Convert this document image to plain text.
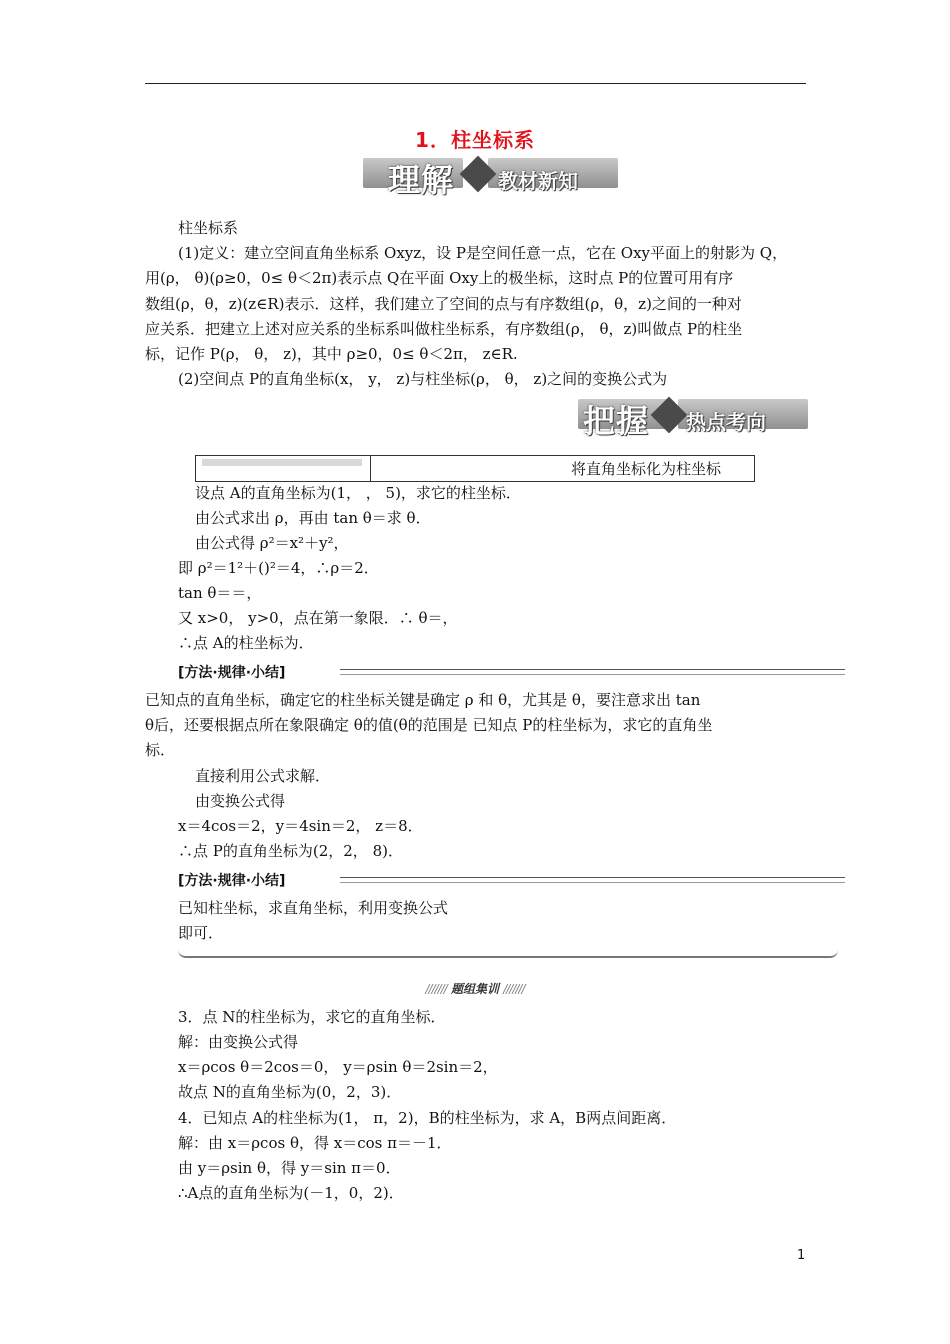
1．柱坐标系
理解 教材新知
柱坐标系
(1)定义：建立空间直角坐标系 Oxyz，设 P是空间任意一点，它在 Oxy平面上的射影为 Q，
用(ρ， θ)(ρ≥0，0≤ θ＜2π)表示点 Q在平面 Oxy上的极坐标，这时点 P的位置可用有序
数组(ρ，θ，z)(z∈R)表示．这样，我们建立了空间的点与有序数组(ρ，θ，z)之间的一种对
应关系．把建立上述对应关系的坐标系叫做柱坐标系，有序数组(ρ， θ，z)叫做点 P的柱坐
标，记作 P(ρ， θ， z)，其中 ρ≥0，0≤ θ＜2π， z∈R.
(2)空间点 P的直角坐标(x， y， z)与柱坐标(ρ， θ， z)之间的变换公式为
把握 热点考向
将直角坐标化为柱坐标
设点 A的直角坐标为(1， ， 5)，求它的柱坐标．
由公式求出 ρ，再由 tan θ＝求 θ．
由公式得 ρ²＝x²＋y²，
即 ρ²＝1²＋()²＝4，∴ρ＝2．
tan θ＝＝，
又 x>0， y>0，点在第一象限．∴ θ＝，
∴点 A的柱坐标为．
[方法·规律·小结]
已知点的直角坐标，确定它的柱坐标关键是确定 ρ 和 θ，尤其是 θ，要注意求出 tan
θ后，还要根据点所在象限确定 θ的值(θ的范围是 已知点 P的柱坐标为，求它的直角坐
标．
直接利用公式求解．
由变换公式得
x＝4cos＝2，y＝4sin＝2， z＝8．
∴点 P的直角坐标为(2，2， 8)．
[方法·规律·小结]
已知柱坐标，求直角坐标，利用变换公式
即可．
/////// 题组集训 ///////
3．点 N的柱坐标为，求它的直角坐标．
解：由变换公式得
x＝ρcos θ＝2cos＝0， y＝ρsin θ＝2sin＝2，
故点 N的直角坐标为(0，2，3)．
4．已知点 A的柱坐标为(1， π，2)，B的柱坐标为，求 A，B两点间距离．
解：由 x＝ρcos θ，得 x＝cos π＝－1．
由 y＝ρsin θ，得 y＝sin π＝0．
∴A点的直角坐标为(－1，0，2)．
1
